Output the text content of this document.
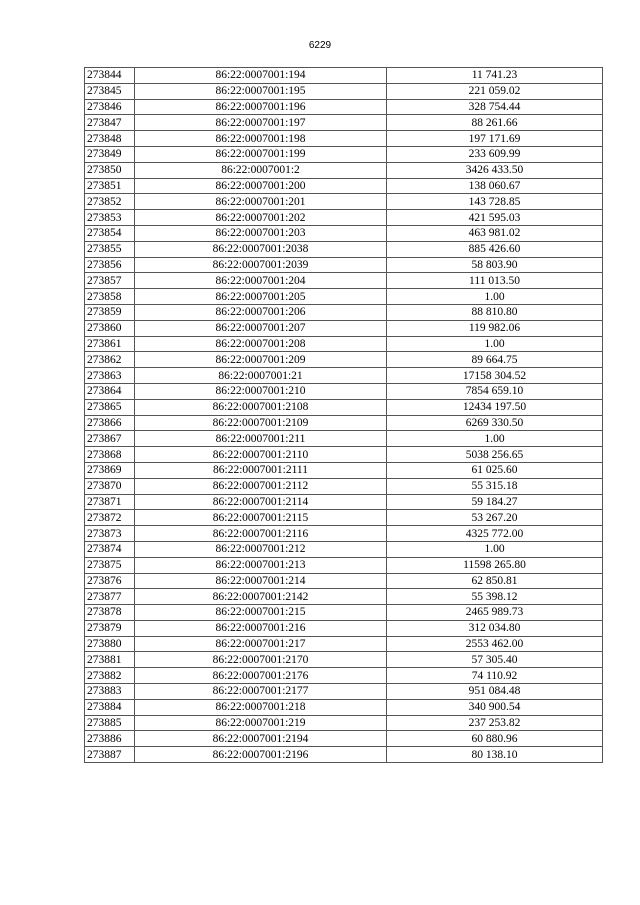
6229
273844	86:22:0007001:194	11 741.23
273845	86:22:0007001:195	221 059.02
273846	86:22:0007001:196	328 754.44
273847	86:22:0007001:197	88 261.66
273848	86:22:0007001:198	197 171.69
273849	86:22:0007001:199	233 609.99
273850	86:22:0007001:2	3426 433.50
273851	86:22:0007001:200	138 060.67
273852	86:22:0007001:201	143 728.85
273853	86:22:0007001:202	421 595.03
273854	86:22:0007001:203	463 981.02
273855	86:22:0007001:2038	885 426.60
273856	86:22:0007001:2039	58 803.90
273857	86:22:0007001:204	111 013.50
273858	86:22:0007001:205	1.00
273859	86:22:0007001:206	88 810.80
273860	86:22:0007001:207	119 982.06
273861	86:22:0007001:208	1.00
273862	86:22:0007001:209	89 664.75
273863	86:22:0007001:21	17158 304.52
273864	86:22:0007001:210	7854 659.10
273865	86:22:0007001:2108	12434 197.50
273866	86:22:0007001:2109	6269 330.50
273867	86:22:0007001:211	1.00
273868	86:22:0007001:2110	5038 256.65
273869	86:22:0007001:2111	61 025.60
273870	86:22:0007001:2112	55 315.18
273871	86:22:0007001:2114	59 184.27
273872	86:22:0007001:2115	53 267.20
273873	86:22:0007001:2116	4325 772.00
273874	86:22:0007001:212	1.00
273875	86:22:0007001:213	11598 265.80
273876	86:22:0007001:214	62 850.81
273877	86:22:0007001:2142	55 398.12
273878	86:22:0007001:215	2465 989.73
273879	86:22:0007001:216	312 034.80
273880	86:22:0007001:217	2553 462.00
273881	86:22:0007001:2170	57 305.40
273882	86:22:0007001:2176	74 110.92
273883	86:22:0007001:2177	951 084.48
273884	86:22:0007001:218	340 900.54
273885	86:22:0007001:219	237 253.82
273886	86:22:0007001:2194	60 880.96
273887	86:22:0007001:2196	80 138.10
